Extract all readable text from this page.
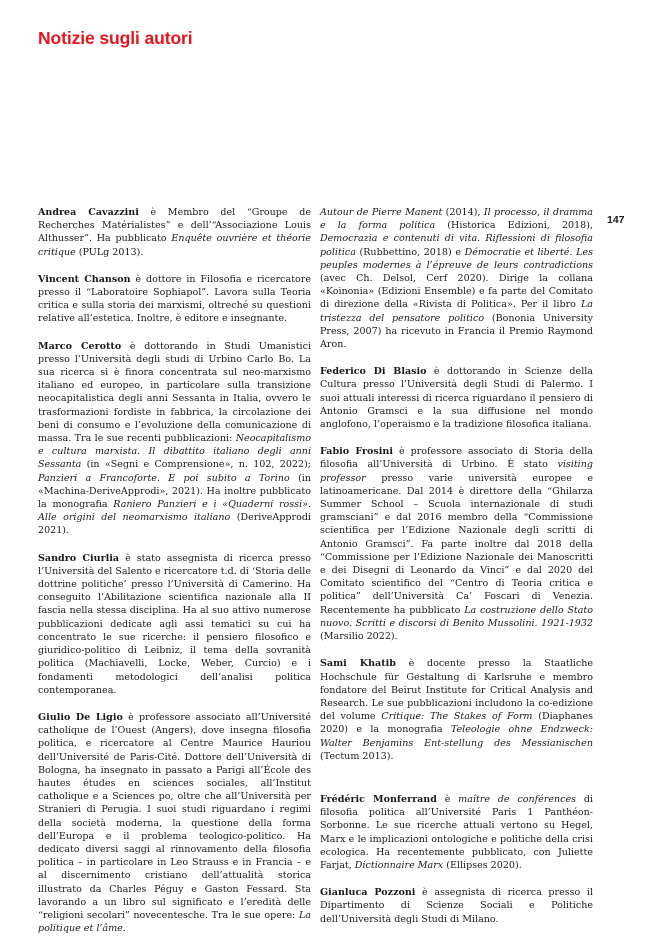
Notizie sugli autori
147

Andrea Cavazzini è Membro del “Groupe de Recherches Matérialistes” e dell’“Associazione Louis Althusser”. Ha pubblicato Enquête ouvrière et théorie critique (PULg 2013).

Vincent Chanson è dottore in Filosofia e ricercatore presso il “Laboratoire Sophiapol”. Lavora sulla Teoria critica e sulla storia dei marxismi, oltreché su questioni relative all’estetica. Inoltre, è editore e insegnante.

Marco Cerotto è dottorando in Studi Umanistici presso l’Università degli studi di Urbino Carlo Bo. La sua ricerca si è finora concentrata sul neo-marxismo italiano ed europeo, in particolare sulla transizione neocapitalistica degli anni Sessanta in Italia, ovvero le trasformazioni fordiste in fabbrica, la circolazione dei beni di consumo e l’evoluzione della comunicazione di massa. Tra le sue recenti pubblicazioni: Neocapitalismo e cultura marxista. Il dibattito italiano degli anni Sessanta (in «Segni e Comprensione», n. 102, 2022); Panzieri a Francoforte. E poi subito a Torino (in «Machina-DeriveApprodi», 2021). Ha inoltre pubblicato la monografia Raniero Panzieri e i «Quaderni rossi». Alle origini del neomarxismo italiano (DeriveApprodi 2021).

Sandro Ciurlia è stato assegnista di ricerca presso l’Università del Salento e ricercatore t.d. di ‘Storia delle dottrine politiche’ presso l’Università di Camerino. Ha conseguito l’Abilitazione scientifica nazionale alla II fascia nella stessa disciplina. Ha al suo attivo numerose pubblicazioni dedicate agli assi tematici su cui ha concentrato le sue ricerche: il pensiero filosofico e giuridico-politico di Leibniz, il tema della sovranità politica (Machiavelli, Locke, Weber, Curcio) e i fondamenti metodologici dell’analisi politica contemporanea.

Giulio De Ligio è professore associato all’Université catholique de l’Ouest (Angers), dove insegna filosofia politica, e ricercatore al Centre Maurice Hauriou dell’Université de Paris-Cité. Dottore dell’Università di Bologna, ha insegnato in passato a Parigi all’École des hautes études en sciences sociales, all’Institut catholique e a Sciences po, oltre che all’Università per Stranieri di Perugia. I suoi studi riguardano i regimi della società moderna, la questione della forma dell’Europa e il problema teologico-politico. Ha dedicato diversi saggi al rinnovamento della filosofia politica – in particolare in Leo Strauss e in Francia – e al discernimento cristiano dell’attualità storica illustrato da Charles Péguy e Gaston Fessard. Sta lavorando a un libro sul significato e l’eredità delle “religioni secolari” novecentesche. Tra le sue opere: La politique et l’âme.

Autour de Pierre Manent (2014), Il processo, il dramma e la forma politica (Historica Edizioni, 2018), Democrazia e contenuti di vita. Riflessioni di filosofia politica (Rubbettino, 2018) e Démocratie et liberté. Les peuples modernes à l’épreuve de leurs contradictions (avec Ch. Delsol, Cerf 2020). Dirige la collana «Koinonia» (Edizioni Ensemble) e fa parte del Comitato di direzione della «Rivista di Politica». Per il libro La tristezza del pensatore politico (Bononia University Press, 2007) ha ricevuto in Francia il Premio Raymond Aron.

Federico Di Blasio è dottorando in Scienze della Cultura presso l’Università degli Studi di Palermo. I suoi attuali interessi di ricerca riguardano il pensiero di Antonio Gramsci e la sua diffusione nel mondo anglofono, l’operaismo e la tradizione filosofica italiana.

Fabio Frosini è professore associato di Storia della filosofia all’Università di Urbino. È stato visiting professor presso varie università europee e latinoamericane. Dal 2014 è direttore della “Ghilarza Summer School – Scuola internazionale di studi gramsciani” e dal 2016 membro della “Commissione scientifica per l’Edizione Nazionale degli scritti di Antonio Gramsci”. Fa parte inoltre dal 2018 della “Commissione per l’Edizione Nazionale dei Manoscritti e dei Disegni di Leonardo da Vinci” e dal 2020 del Comitato scientifico del “Centro di Teoria critica e politica” dell’Università Ca’ Foscari di Venezia. Recentemente ha pubblicato La costruzione dello Stato nuovo. Scritti e discorsi di Benito Mussolini. 1921-1932 (Marsilio 2022).

Sami Khatib è docente presso la Staatliche Hochschule für Gestaltung di Karlsruhe e membro fondatore del Beirut Institute for Critical Analysis and Research. Le sue pubblicazioni includono la co-edizione del volume Critique: The Stakes of Form (Diaphanes 2020) e la monografia Teleologie ohne Endzweck: Walter Benjamins Ent-stellung des Messianischen (Tectum 2013).

Frédéric Monferrand è maître de conférences di filosofia politica all’Université Paris 1 Panthéon-Sorbonne. Le sue ricerche attuali vertono su Hegel, Marx e le implicazioni ontologiche e politiche della crisi ecologica. Ha recentemente pubblicato, con Juliette Farjat, Dictionnaire Marx (Ellipses 2020).

Gianluca Pozzoni è assegnista di ricerca presso il Dipartimento di Scienze Sociali e Politiche dell’Università degli Studi di Milano.
